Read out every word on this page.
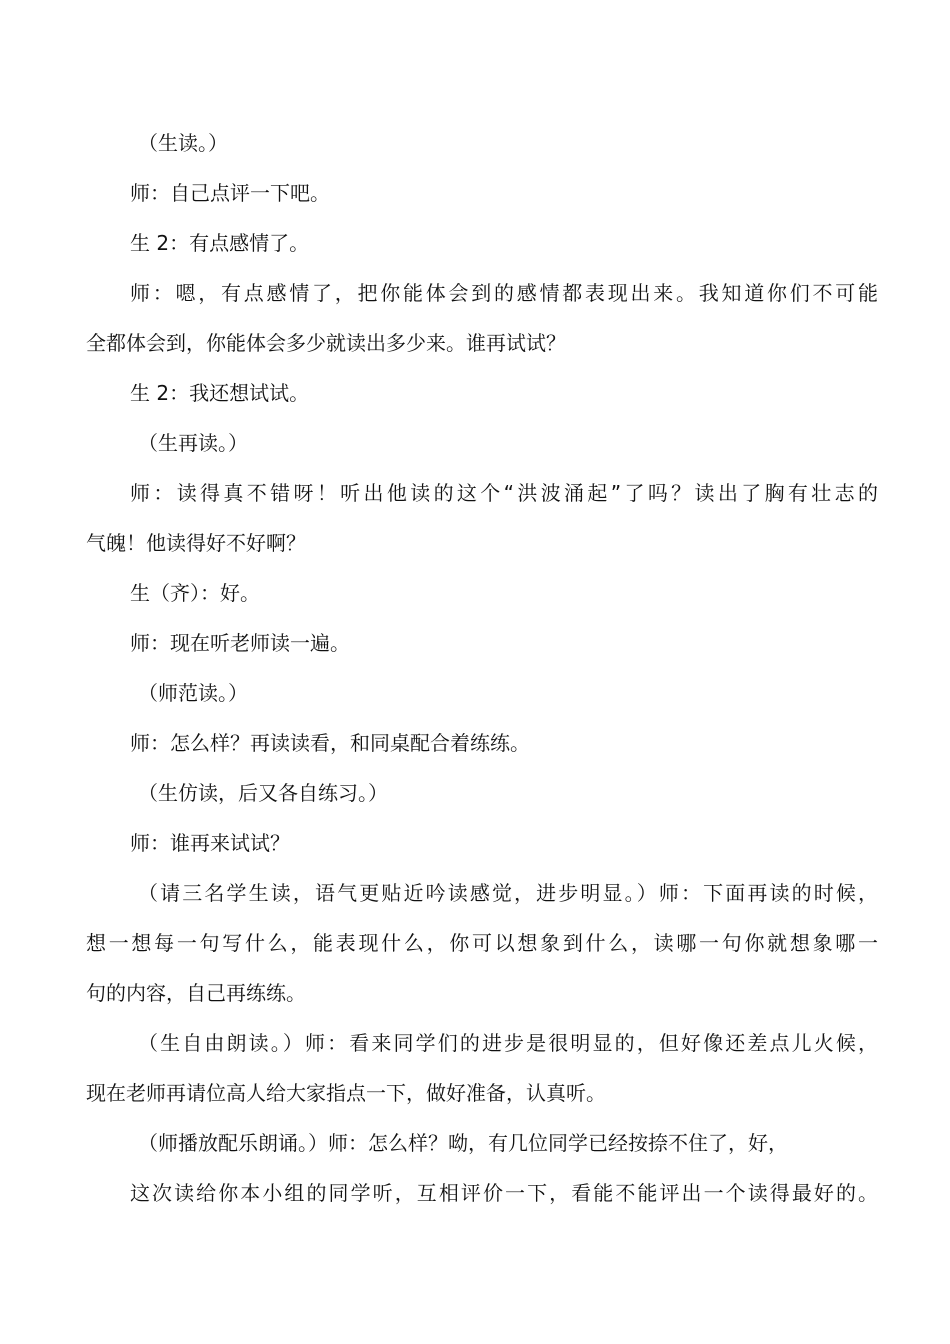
（生读。）
师：自己点评一下吧。
生 2：有点感情了。
师：嗯，有点感情了，把你能体会到的感情都表现出来。我知道你们不可能
全都体会到，你能体会多少就读出多少来。谁再试试？
生 2：我还想试试。
（生再读。）
师：读得真不错呀！听出他读的这个“洪波涌起”了吗？读出了胸有壮志的
气魄！他读得好不好啊？
生（齐）：好。
师：现在听老师读一遍。
（师范读。）
师：怎么样？再读读看，和同桌配合着练练。
（生仿读，后又各自练习。）
师：谁再来试试？
（请三名学生读，语气更贴近吟读感觉，进步明显。）师：下面再读的时候，
想一想每一句写什么，能表现什么，你可以想象到什么，读哪一句你就想象哪一
句的内容，自己再练练。
（生自由朗读。）师：看来同学们的进步是很明显的，但好像还差点儿火候，
现在老师再请位高人给大家指点一下，做好准备，认真听。
（师播放配乐朗诵。）师：怎么样？呦，有几位同学已经按捺不住了，好，
这次读给你本小组的同学听，互相评价一下，看能不能评出一个读得最好的。
